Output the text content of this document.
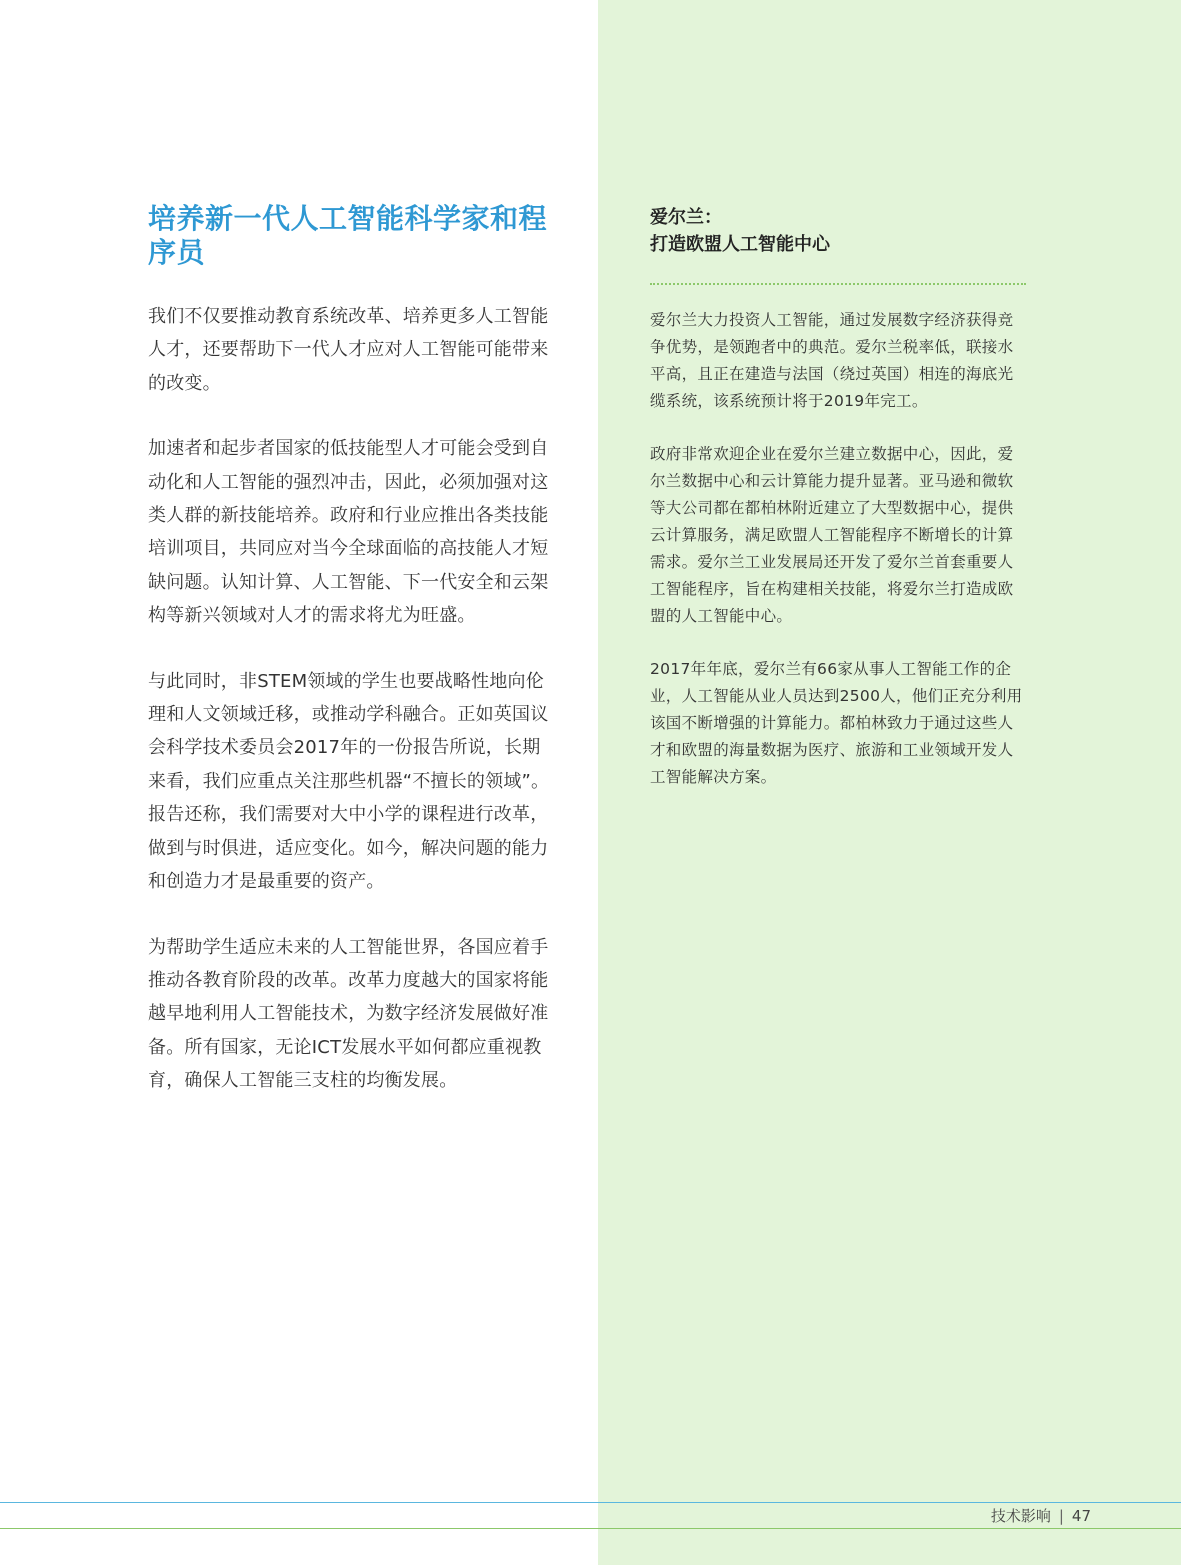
培养新一代人工智能科学家和程序员

我们不仅要推动教育系统改革、培养更多人工智能人才，还要帮助下一代人才应对人工智能可能带来的改变。

加速者和起步者国家的低技能型人才可能会受到自动化和人工智能的强烈冲击，因此，必须加强对这类人群的新技能培养。政府和行业应推出各类技能培训项目，共同应对当今全球面临的高技能人才短缺问题。认知计算、人工智能、下一代安全和云架构等新兴领域对人才的需求将尤为旺盛。

与此同时，非STEM领域的学生也要战略性地向伦理和人文领域迁移，或推动学科融合。正如英国议会科学技术委员会2017年的一份报告所说，长期来看，我们应重点关注那些机器“不擅长的领域”。报告还称，我们需要对大中小学的课程进行改革，做到与时俱进，适应变化。如今，解决问题的能力和创造力才是最重要的资产。

为帮助学生适应未来的人工智能世界，各国应着手推动各教育阶段的改革。改革力度越大的国家将能越早地利用人工智能技术，为数字经济发展做好准备。所有国家，无论ICT发展水平如何都应重视教育，确保人工智能三支柱的均衡发展。

爱尔兰：
打造欧盟人工智能中心

爱尔兰大力投资人工智能，通过发展数字经济获得竞争优势，是领跑者中的典范。爱尔兰税率低，联接水平高，且正在建造与法国（绕过英国）相连的海底光缆系统，该系统预计将于2019年完工。

政府非常欢迎企业在爱尔兰建立数据中心，因此，爱尔兰数据中心和云计算能力提升显著。亚马逊和微软等大公司都在都柏林附近建立了大型数据中心，提供云计算服务，满足欧盟人工智能程序不断增长的计算需求。爱尔兰工业发展局还开发了爱尔兰首套重要人工智能程序，旨在构建相关技能，将爱尔兰打造成欧盟的人工智能中心。

2017年年底，爱尔兰有66家从事人工智能工作的企业，人工智能从业人员达到2500人，他们正充分利用该国不断增强的计算能力。都柏林致力于通过这些人才和欧盟的海量数据为医疗、旅游和工业领域开发人工智能解决方案。

技术影响 | 47
